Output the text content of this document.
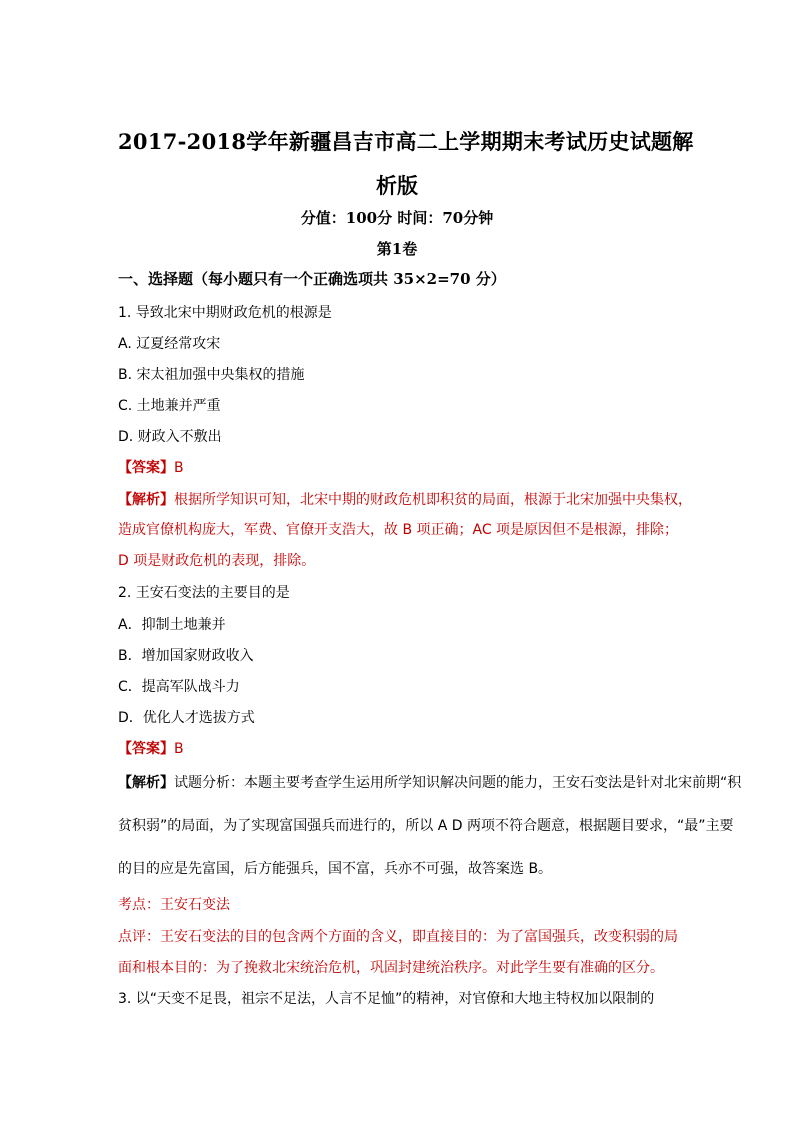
2017-2018学年新疆昌吉市高二上学期期末考试历史试题解
析版
分值：100分 时间：70分钟
第1卷
一、选择题（每小题只有一个正确选项共 35×2=70 分）
1. 导致北宋中期财政危机的根源是
A. 辽夏经常攻宋
B. 宋太祖加强中央集权的措施
C. 土地兼并严重
D. 财政入不敷出
【答案】B
【解析】根据所学知识可知，北宋中期的财政危机即积贫的局面，根源于北宋加强中央集权，
造成官僚机构庞大，军费、官僚开支浩大，故 B 项正确；AC 项是原因但不是根源，排除；
D 项是财政危机的表现，排除。
2. 王安石变法的主要目的是
A．抑制土地兼并
B．增加国家财政收入
C．提高军队战斗力
D．优化人才选拔方式
【答案】B
【解析】试题分析：本题主要考查学生运用所学知识解决问题的能力，王安石变法是针对北宋前期“积
贫积弱”的局面，为了实现富国强兵而进行的，所以 A D 两项不符合题意，根据题目要求，“最”主要
的目的应是先富国，后方能强兵，国不富，兵亦不可强，故答案选 B。
考点：王安石变法
点评：王安石变法的目的包含两个方面的含义，即直接目的：为了富国强兵，改变积弱的局
面和根本目的：为了挽救北宋统治危机，巩固封建统治秩序。对此学生要有准确的区分。
3. 以“天变不足畏，祖宗不足法，人言不足恤”的精神，对官僚和大地主特权加以限制的
